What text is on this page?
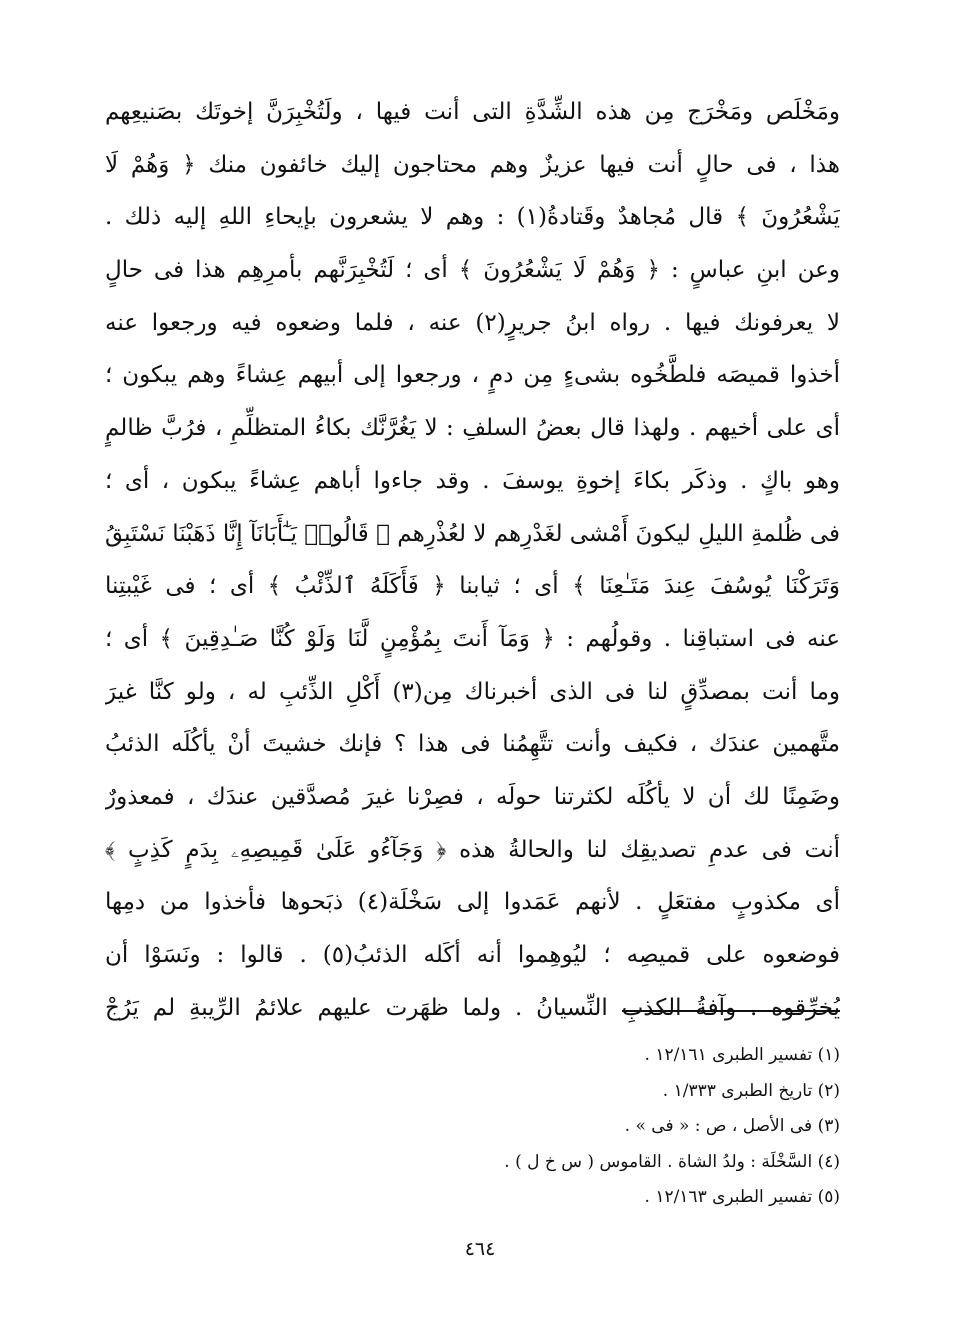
ومَخْلَص ومَخْرَج مِن هذه الشِّدَّةِ التى أنت فيها ، ولَتُخْبِرَنَّ إخوتَك بصَنيعِهم
هذا ، فى حالٍ أنت فيها عزيزٌ وهم محتاجون إليك خائفون منك ﴿ وَهُمْ لَا
يَشْعُرُونَ ﴾ قال مُجاهدٌ وقَتادةُ(١) : وهم لا يشعرون بإيحاءِ اللهِ إليه ذلك .
وعن ابنِ عباسٍ : ﴿ وَهُمْ لَا يَشْعُرُونَ ﴾ أى ؛ لَتُخْبِرَنَّهم بأمرِهِم هذا فى حالٍ
لا يعرفونك فيها . رواه ابنُ جريرٍ(٢) عنه ، فلما وضعوه فيه ورجعوا عنه
أخذوا قميصَه فلطَّخُوه بشىءٍ مِن دمٍ ، ورجعوا إلى أبيهم عِشاءً وهم يبكون ؛
أى على أخيهم . ولهذا قال بعضُ السلفِ : لا يَغُرَّنَّك بكاءُ المتظلِّمِ ، فرُبَّ ظالمٍ
وهو باكٍ . وذكَر بكاءَ إخوةِ يوسفَ . وقد جاءوا أباهم عِشاءً يبكون ، أى ؛
فى ظُلمةِ الليلِ ليكونَ أَمْشى لغَدْرِهم لا لعُذْرِهم ﴿ قَالُوا۟ يَـٰٓأَبَانَآ إِنَّا ذَهَبْنَا نَسْتَبِقُ
وَتَرَكْنَا يُوسُفَ عِندَ مَتَـٰعِنَا ﴾ أى ؛ ثيابنا ﴿ فَأَكَلَهُ ٱلذِّئْبُ ﴾ أى ؛ فى غَيْبتِنا
عنه فى استباقِنا . وقولُهم : ﴿ وَمَآ أَنتَ بِمُؤْمِنٍ لَّنَا وَلَوْ كُنَّا صَـٰدِقِينَ ﴾ أى ؛
وما أنت بمصدِّقٍ لنا فى الذى أخبرناك مِن(٣) أَكْلِ الذِّئبِ له ، ولو كنَّا غيرَ
متَّهمين عندَك ، فكيف وأنت تتَّهِمُنا فى هذا ؟ فإنك خشيتَ أنْ يأكُلَه الذئبُ
وضَمِنًا لك أن لا يأكُلَه لكثرتنا حولَه ، فصِرْنا غيرَ مُصدَّقين عندَك ، فمعذورٌ
أنت فى عدمِ تصديقِك لنا والحالةُ هذه ﴿ وَجَآءُو عَلَىٰ قَمِيصِهِۦ بِدَمٍ كَذِبٍ ﴾
أى مكذوبٍ مفتعَلٍ . لأنهم عَمَدوا إلى سَخْلَة(٤) ذبَحوها فأخذوا من دمِها
فوضعوه على قميصِه ؛ ليُوهِموا أنه أكَله الذئبُ(٥) . قالوا : ونَسَوْا أن
يُخرِّقوه . وآفةُ الكذبِ النِّسيانُ . ولما ظهَرت عليهم علائمُ الرِّيبةِ لم يَرُجْ
(١) تفسير الطبرى ١٢/١٦١ .
(٢) تاريخ الطبرى ١/٣٣٣ .
(٣) فى الأصل ، ص : « فى » .
(٤) السَّخْلَة : ولدُ الشاة . القاموس ( س خ ل ) .
(٥) تفسير الطبرى ١٢/١٦٣ .
٤٦٤
